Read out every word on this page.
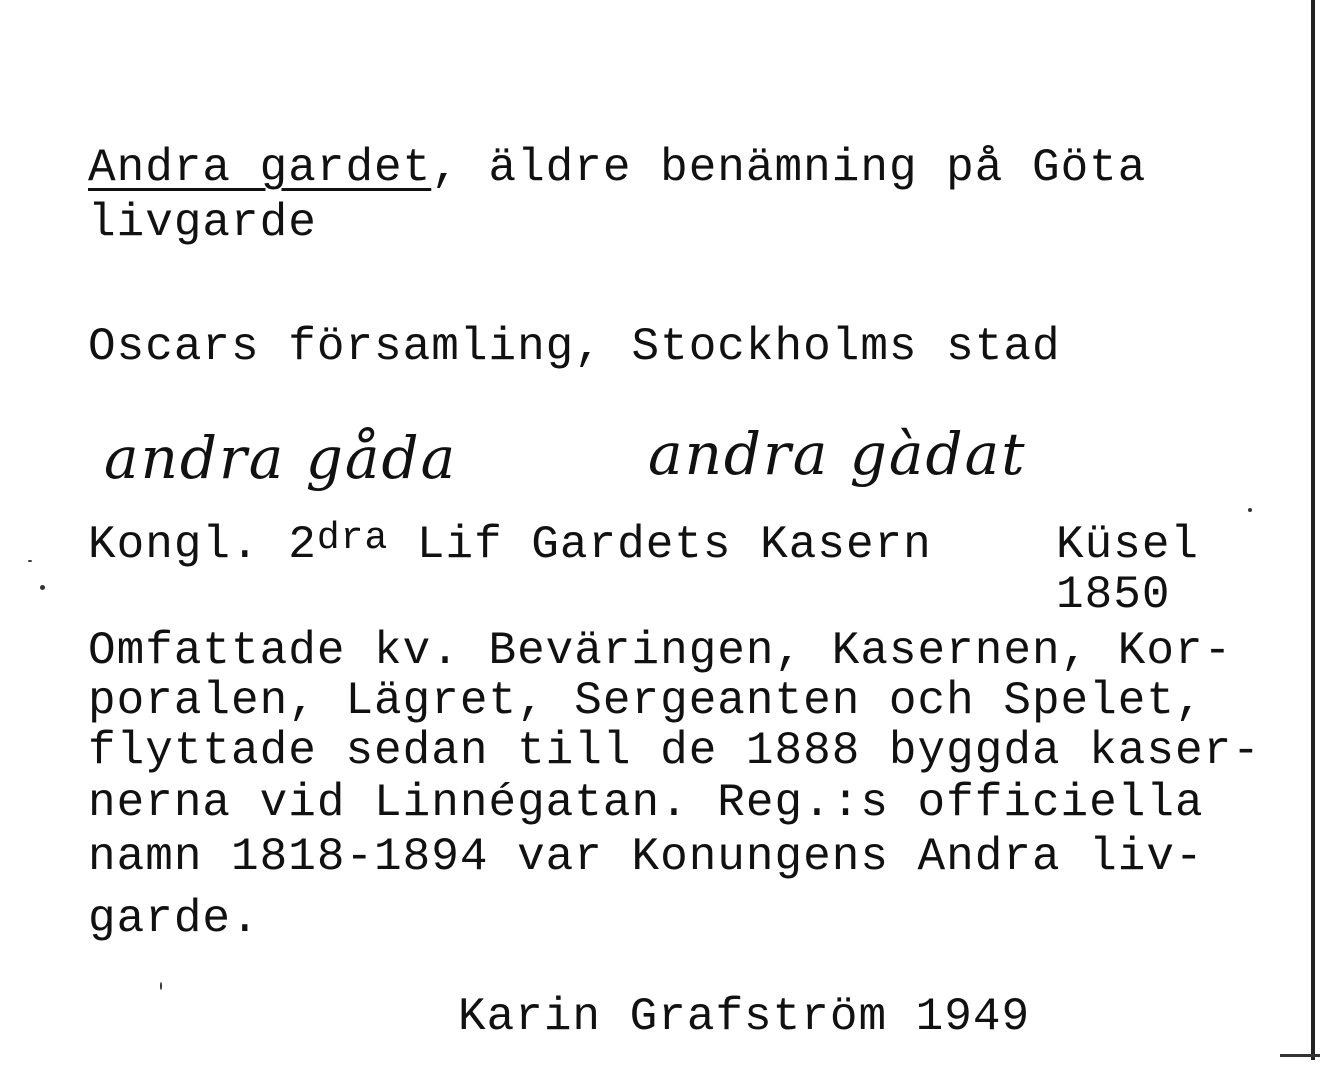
Andra gardet, äldre benämning på Göta
livgarde
Oscars församling, Stockholms stad
andra gåda	andra gàdat
Kongl. $2^{dra}$ Lif Gardets Kasern	Küsel
1850
Omfattade kv. Beväringen, Kasernen, Kor-
poralen, Lägret, Sergeanten och Spelet,
flyttade sedan till de 1888 byggda kaser-
nerna vid Linnégatan. Reg.:s officiella
namn 1818-1894 var Konungens Andra liv-
garde.
Karin Grafström 1949
